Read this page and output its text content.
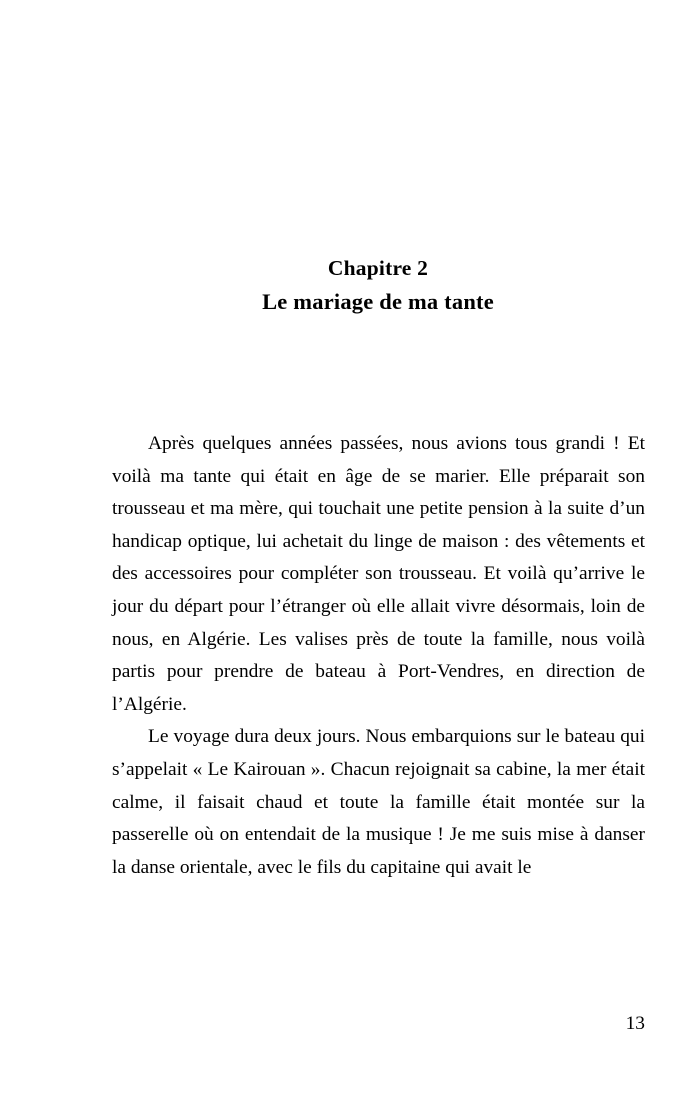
Chapitre 2
Le mariage de ma tante

Après quelques années passées, nous avions tous grandi ! Et voilà ma tante qui était en âge de se marier. Elle préparait son trousseau et ma mère, qui touchait une petite pension à la suite d’un handicap optique, lui achetait du linge de maison : des vêtements et des accessoires pour compléter son trousseau. Et voilà qu’arrive le jour du départ pour l’étranger où elle allait vivre désormais, loin de nous, en Algérie. Les valises près de toute la famille, nous voilà partis pour prendre de bateau à Port-Vendres, en direction de l’Algérie.

Le voyage dura deux jours. Nous embarquions sur le bateau qui s’appelait « Le Kairouan ». Chacun rejoignait sa cabine, la mer était calme, il faisait chaud et toute la famille était montée sur la passerelle où on entendait de la musique ! Je me suis mise à danser la danse orientale, avec le fils du capitaine qui avait le

13
